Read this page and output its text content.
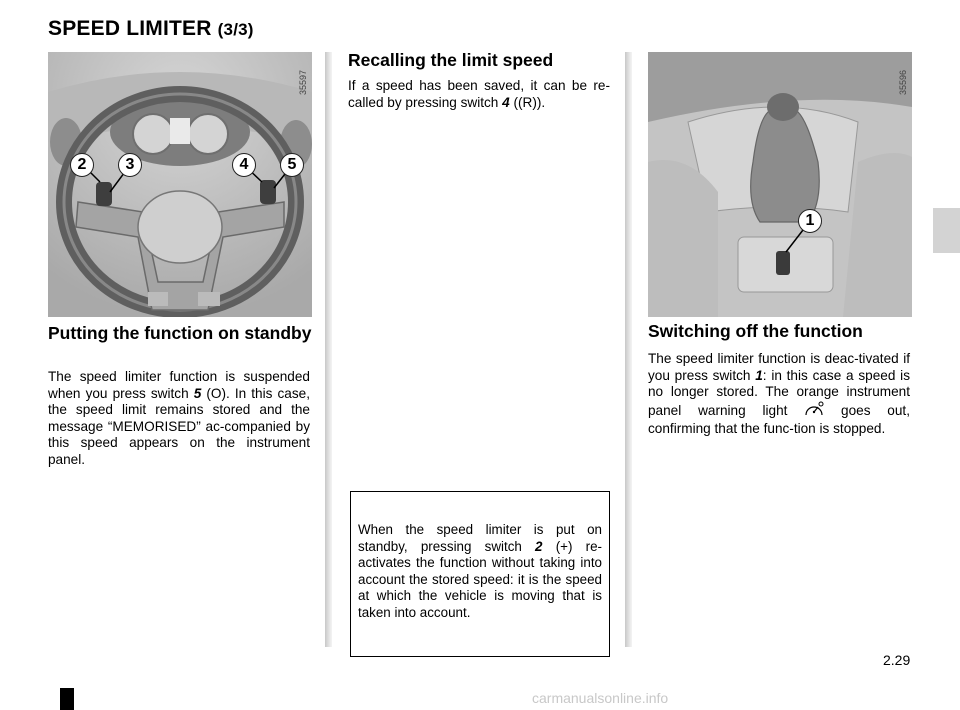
SPEED LIMITER (3/3)
2	3	4	5
35597
1
35596
Putting the function on standby

The speed limiter function is suspended when you press switch 5 (O). In this case, the speed limit remains stored and the message “MEMORISED” ac-companied by this speed appears on the instrument panel.

Recalling the limit speed

If a speed has been saved, it can be re-called by pressing switch 4 ((R)).

When the speed limiter is put on standby, pressing switch 2 (+) re-activates the function without taking into account the stored speed: it is the speed at which the vehicle is moving that is taken into account.

Switching off the function

The speed limiter function is deac-tivated if you press switch 1: in this case a speed is no longer stored. The orange instrument panel warning light  goes out, confirming that the func-tion is stopped.

2.29
carmanualsonline.info
